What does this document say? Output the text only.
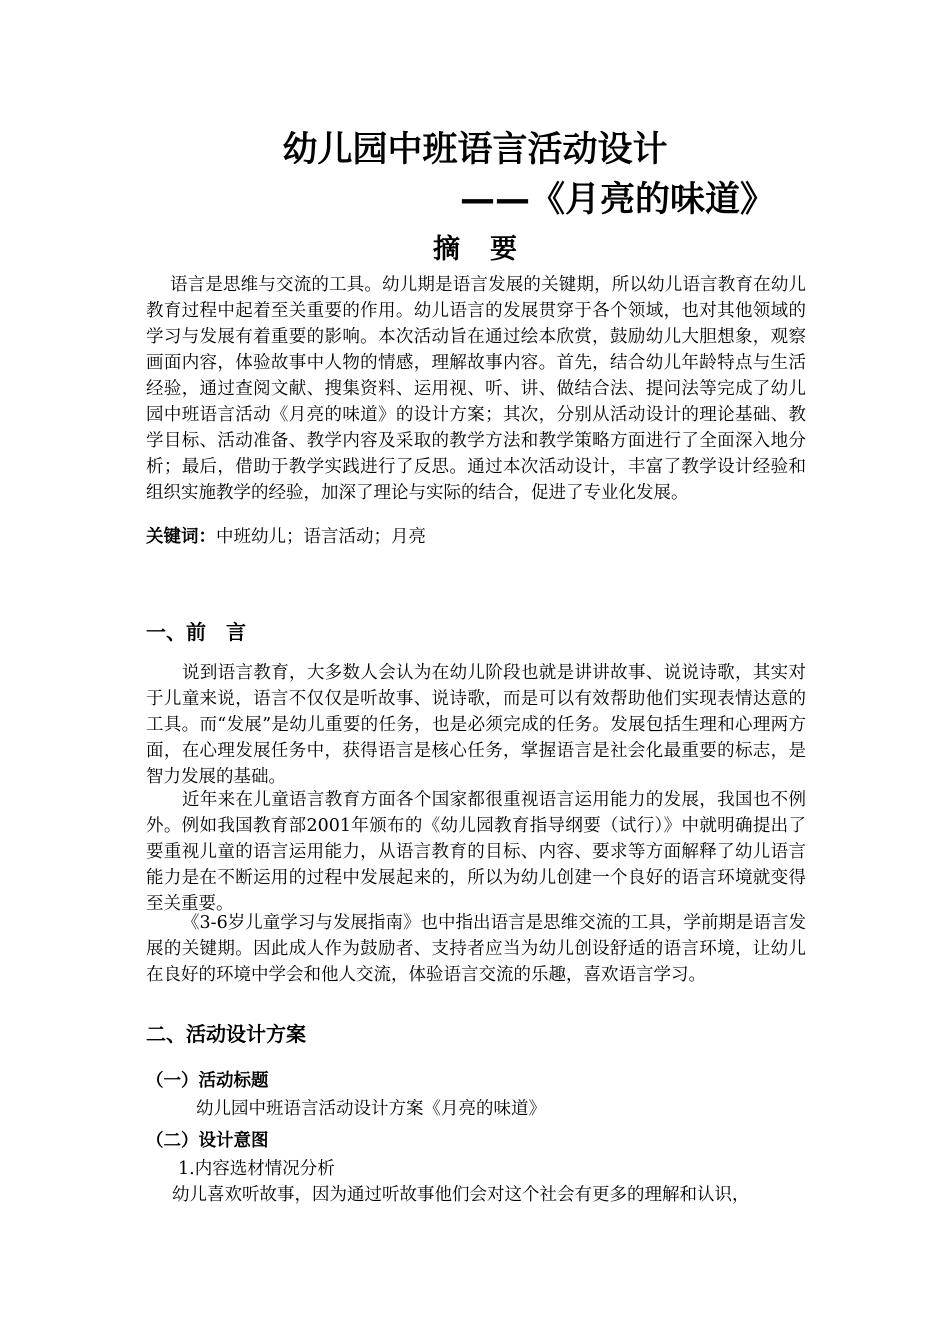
幼儿园中班语言活动设计
——《月亮的味道》
摘要

语言是思维与交流的工具。幼儿期是语言发展的关键期，所以幼儿语言教育在幼儿教育过程中起着至关重要的作用。幼儿语言的发展贯穿于各个领域，也对其他领域的学习与发展有着重要的影响。本次活动旨在通过绘本欣赏，鼓励幼儿大胆想象，观察画面内容，体验故事中人物的情感，理解故事内容。首先，结合幼儿年龄特点与生活经验，通过查阅文献、搜集资料、运用视、听、讲、做结合法、提问法等完成了幼儿园中班语言活动《月亮的味道》的设计方案；其次，分别从活动设计的理论基础、教学目标、活动准备、教学内容及采取的教学方法和教学策略方面进行了全面深入地分析；最后，借助于教学实践进行了反思。通过本次活动设计，丰富了教学设计经验和组织实施教学的经验，加深了理论与实际的结合，促进了专业化发展。

关键词：中班幼儿；语言活动；月亮

一、前　言

说到语言教育，大多数人会认为在幼儿阶段也就是讲讲故事、说说诗歌，其实对于儿童来说，语言不仅仅是听故事、说诗歌，而是可以有效帮助他们实现表情达意的工具。而“发展”是幼儿重要的任务，也是必须完成的任务。发展包括生理和心理两方面，在心理发展任务中，获得语言是核心任务，掌握语言是社会化最重要的标志，是智力发展的基础。

近年来在儿童语言教育方面各个国家都很重视语言运用能力的发展，我国也不例外。例如我国教育部2001年颁布的《幼儿园教育指导纲要（试行）》中就明确提出了要重视儿童的语言运用能力，从语言教育的目标、内容、要求等方面解释了幼儿语言能力是在不断运用的过程中发展起来的，所以为幼儿创建一个良好的语言环境就变得至关重要。

《3-6岁儿童学习与发展指南》也中指出语言是思维交流的工具，学前期是语言发展的关键期。因此成人作为鼓励者、支持者应当为幼儿创设舒适的语言环境，让幼儿在良好的环境中学会和他人交流，体验语言交流的乐趣，喜欢语言学习。

二、活动设计方案
（一）活动标题

幼儿园中班语言活动设计方案《月亮的味道》

（二）设计意图

1.内容选材情况分析

幼儿喜欢听故事，因为通过听故事他们会对这个社会有更多的理解和认识，
